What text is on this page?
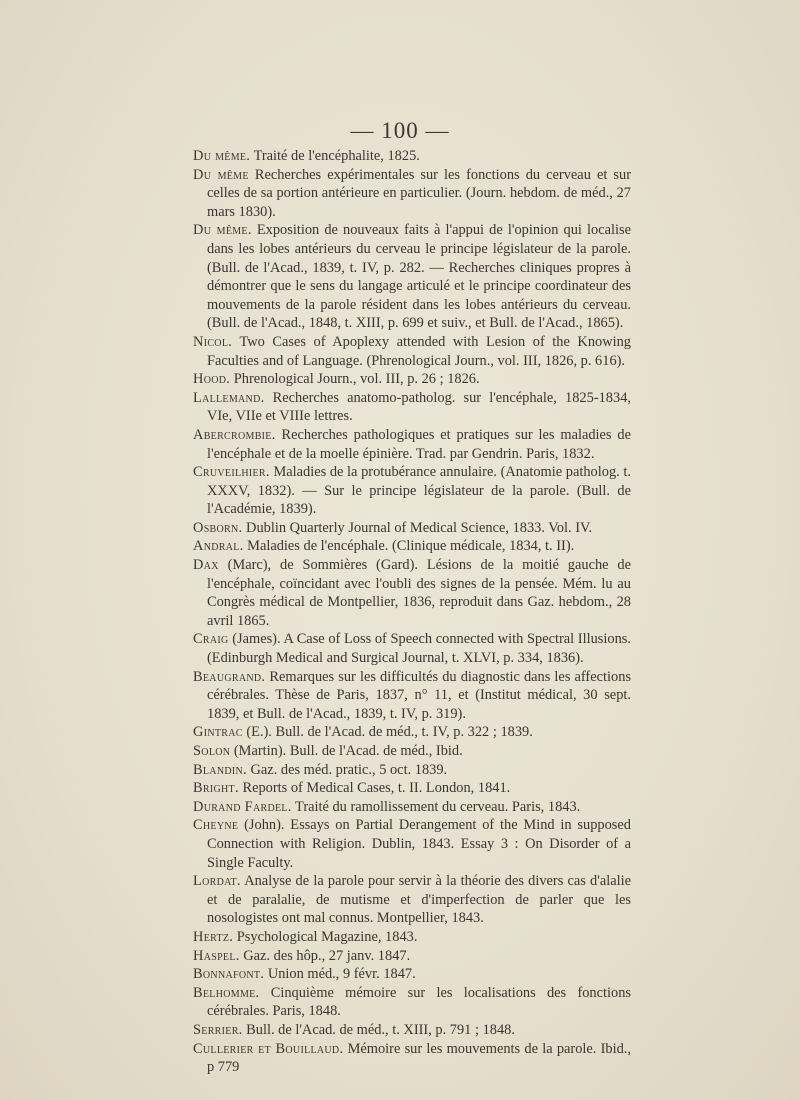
— 100 —
Du même. Traité de l'encéphalite, 1825.
Du même Recherches expérimentales sur les fonctions du cerveau et sur celles de sa portion antérieure en particulier. (Journ. hebdom. de méd., 27 mars 1830).
Du même. Exposition de nouveaux faits à l'appui de l'opinion qui localise dans les lobes antérieurs du cerveau le principe législateur de la parole. (Bull. de l'Acad., 1839, t. IV, p. 282. — Recherches cliniques propres à démontrer que le sens du langage articulé et le principe coordinateur des mouvements de la parole résident dans les lobes antérieurs du cerveau. (Bull. de l'Acad., 1848, t. XIII, p. 699 et suiv., et Bull. de l'Acad., 1865).
Nicol. Two Cases of Apoplexy attended with Lesion of the Knowing Faculties and of Language. (Phrenological Journ., vol. III, 1826, p. 616).
Hood. Phrenological Journ., vol. III, p. 26 ; 1826.
Lallemand. Recherches anatomo-patholog. sur l'encéphale, 1825-1834, VIe, VIIe et VIIIe lettres.
Abercrombie. Recherches pathologiques et pratiques sur les maladies de l'encéphale et de la moelle épinière. Trad. par Gendrin. Paris, 1832.
Cruveilhier. Maladies de la protubérance annulaire. (Anatomie patholog. t. XXXV, 1832). — Sur le principe législateur de la parole. (Bull. de l'Académie, 1839).
Osborn. Dublin Quarterly Journal of Medical Science, 1833. Vol. IV.
Andral. Maladies de l'encéphale. (Clinique médicale, 1834, t. II).
Dax (Marc), de Sommières (Gard). Lésions de la moitié gauche de l'encéphale, coïncidant avec l'oubli des signes de la pensée. Mém. lu au Congrès médical de Montpellier, 1836, reproduit dans Gaz. hebdom., 28 avril 1865.
Craig (James). A Case of Loss of Speech connected with Spectral Illusions. (Edinburgh Medical and Surgical Journal, t. XLVI, p. 334, 1836).
Beaugrand. Remarques sur les difficultés du diagnostic dans les affections cérébrales. Thèse de Paris, 1837, n° 11, et (Institut médical, 30 sept. 1839, et Bull. de l'Acad., 1839, t. IV, p. 319).
Gintrac (E.). Bull. de l'Acad. de méd., t. IV, p. 322 ; 1839.
Solon (Martin). Bull. de l'Acad. de méd., Ibid.
Blandin. Gaz. des méd. pratic., 5 oct. 1839.
Bright. Reports of Medical Cases, t. II. London, 1841.
Durand Fardel. Traité du ramollissement du cerveau. Paris, 1843.
Cheyne (John). Essays on Partial Derangement of the Mind in supposed Connection with Religion. Dublin, 1843. Essay 3 : On Disorder of a Single Faculty.
Lordat. Analyse de la parole pour servir à la théorie des divers cas d'alalie et de paralalie, de mutisme et d'imperfection de parler que les nosologistes ont mal connus. Montpellier, 1843.
Hertz. Psychological Magazine, 1843.
Haspel. Gaz. des hôp., 27 janv. 1847.
Bonnafont. Union méd., 9 févr. 1847.
Belhomme. Cinquième mémoire sur les localisations des fonctions cérébrales. Paris, 1848.
Serrier. Bull. de l'Acad. de méd., t. XIII, p. 791 ; 1848.
Cullerier et Bouillaud. Mémoire sur les mouvements de la parole. Ibid., p 779
